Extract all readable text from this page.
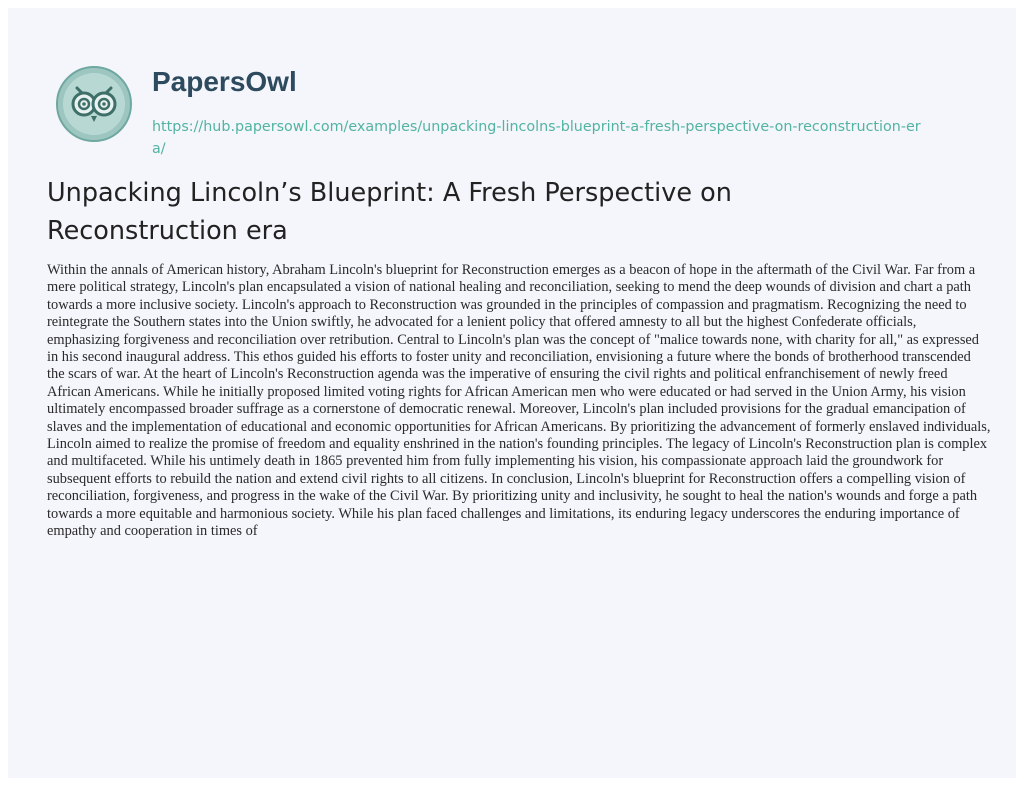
PapersOwl
https://hub.papersowl.com/examples/unpacking-lincolns-blueprint-a-fresh-perspective-on-reconstruction-era/
Unpacking Lincoln’s Blueprint: A Fresh Perspective on Reconstruction era

Within the annals of American history, Abraham Lincoln's blueprint for Reconstruction emerges as a beacon of hope in the aftermath of the Civil War. Far from a mere political strategy, Lincoln's plan encapsulated a vision of national healing and reconciliation, seeking to mend the deep wounds of division and chart a path towards a more inclusive society. Lincoln's approach to Reconstruction was grounded in the principles of compassion and pragmatism. Recognizing the need to reintegrate the Southern states into the Union swiftly, he advocated for a lenient policy that offered amnesty to all but the highest Confederate officials, emphasizing forgiveness and reconciliation over retribution. Central to Lincoln's plan was the concept of "malice towards none, with charity for all," as expressed in his second inaugural address. This ethos guided his efforts to foster unity and reconciliation, envisioning a future where the bonds of brotherhood transcended the scars of war. At the heart of Lincoln's Reconstruction agenda was the imperative of ensuring the civil rights and political enfranchisement of newly freed African Americans. While he initially proposed limited voting rights for African American men who were educated or had served in the Union Army, his vision ultimately encompassed broader suffrage as a cornerstone of democratic renewal. Moreover, Lincoln's plan included provisions for the gradual emancipation of slaves and the implementation of educational and economic opportunities for African Americans. By prioritizing the advancement of formerly enslaved individuals, Lincoln aimed to realize the promise of freedom and equality enshrined in the nation's founding principles. The legacy of Lincoln's Reconstruction plan is complex and multifaceted. While his untimely death in 1865 prevented him from fully implementing his vision, his compassionate approach laid the groundwork for subsequent efforts to rebuild the nation and extend civil rights to all citizens. In conclusion, Lincoln's blueprint for Reconstruction offers a compelling vision of reconciliation, forgiveness, and progress in the wake of the Civil War. By prioritizing unity and inclusivity, he sought to heal the nation's wounds and forge a path towards a more equitable and harmonious society. While his plan faced challenges and limitations, its enduring legacy underscores the enduring importance of empathy and cooperation in times of
